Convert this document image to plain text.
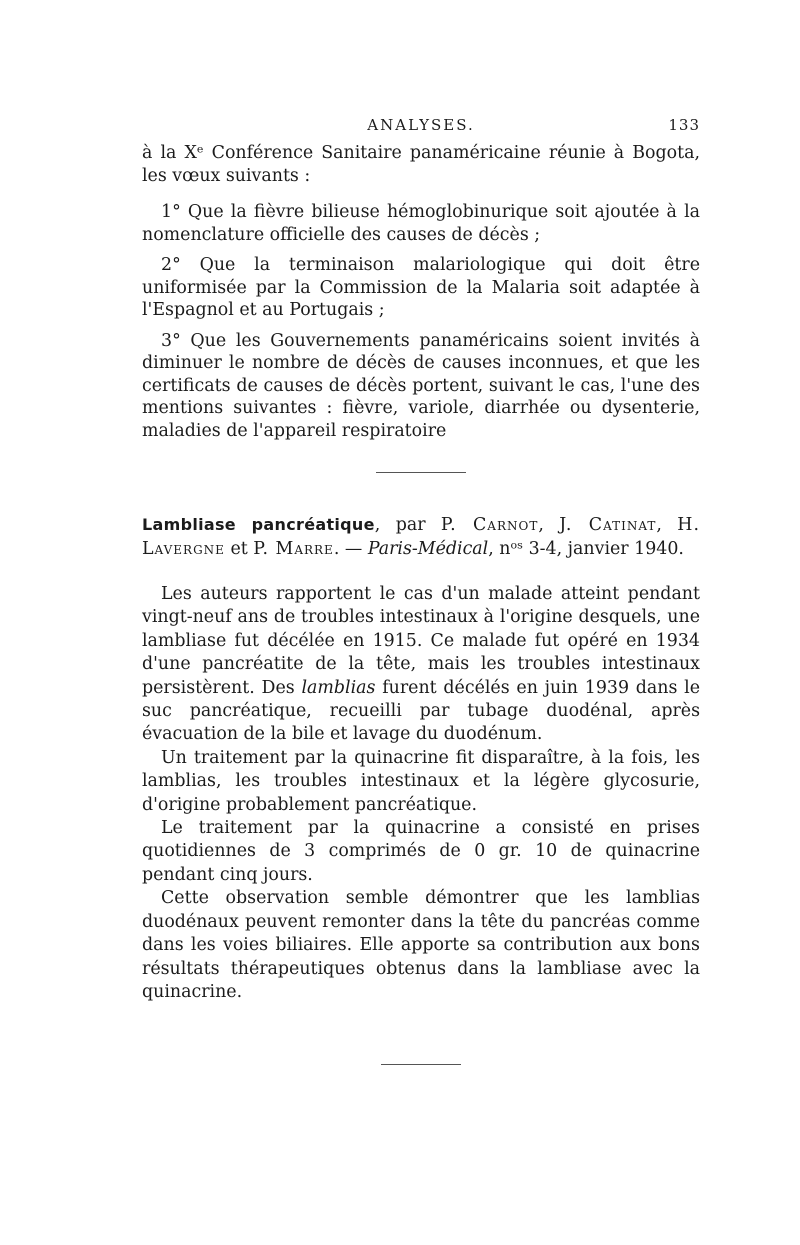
ANALYSES.	133

à la Xᵉ Conférence Sanitaire panaméricaine réunie à Bogota, les vœux suivants :

1° Que la fièvre bilieuse hémoglobinurique soit ajoutée à la nomenclature officielle des causes de décès ;

2° Que la terminaison malariologique qui doit être uniformisée par la Commission de la Malaria soit adaptée à l'Espagnol et au Portugais ;

3° Que les Gouvernements panaméricains soient invités à diminuer le nombre de décès de causes inconnues, et que les certificats de causes de décès portent, suivant le cas, l'une des mentions suivantes : fièvre, variole, diarrhée ou dysenterie, maladies de l'appareil respiratoire

Lambliase pancréatique, par P. Carnot, J. Catinat, H. Lavergne et P. Marre. — Paris-Médical, nᵒˢ 3-4, janvier 1940.

Les auteurs rapportent le cas d'un malade atteint pendant vingt-neuf ans de troubles intestinaux à l'origine desquels, une lambliase fut décélée en 1915. Ce malade fut opéré en 1934 d'une pancréatite de la tête, mais les troubles intestinaux persistèrent. Des lamblias furent décélés en juin 1939 dans le suc pancréatique, recueilli par tubage duodénal, après évacuation de la bile et lavage du duodénum.

Un traitement par la quinacrine fit disparaître, à la fois, les lamblias, les troubles intestinaux et la légère glycosurie, d'origine probablement pancréatique.

Le traitement par la quinacrine a consisté en prises quotidiennes de 3 comprimés de 0 gr. 10 de quinacrine pendant cinq jours.

Cette observation semble démontrer que les lamblias duodénaux peuvent remonter dans la tête du pancréas comme dans les voies biliaires. Elle apporte sa contribution aux bons résultats thérapeutiques obtenus dans la lambliase avec la quinacrine.
